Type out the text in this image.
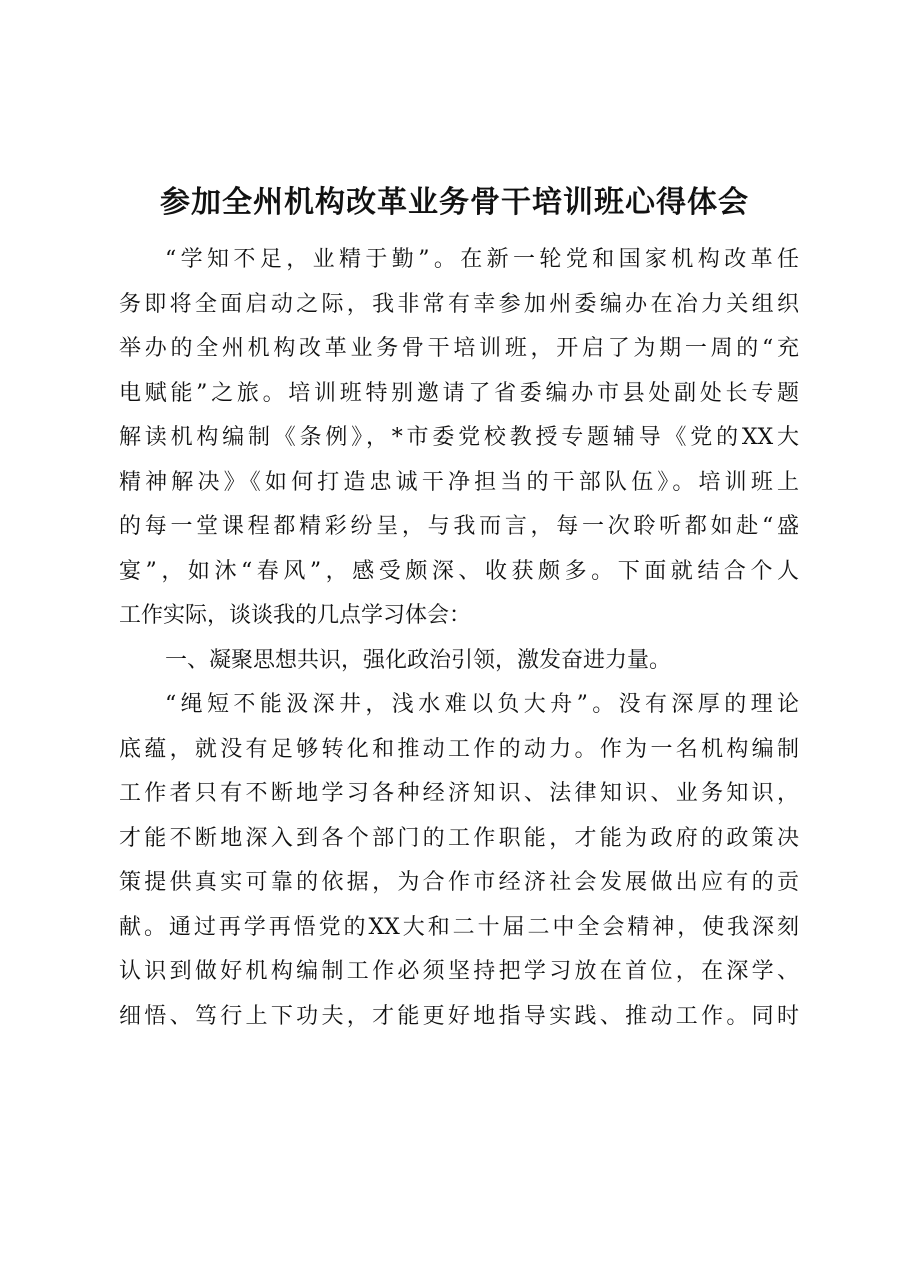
参加全州机构改革业务骨干培训班心得体会
“学知不足，业精于勤”。在新一轮党和国家机构改革任
务即将全面启动之际，我非常有幸参加州委编办在冶力关组织
举办的全州机构改革业务骨干培训班，开启了为期一周的“充
电赋能”之旅。培训班特别邀请了省委编办市县处副处长专题
解读机构编制《条例》，*市委党校教授专题辅导《党的XX大
精神解决》《如何打造忠诚干净担当的干部队伍》。培训班上
的每一堂课程都精彩纷呈，与我而言，每一次聆听都如赴“盛
宴”，如沐“春风”，感受颇深、收获颇多。下面就结合个人
工作实际，谈谈我的几点学习体会：
一、凝聚思想共识，强化政治引领，激发奋进力量。
“绳短不能汲深井，浅水难以负大舟”。没有深厚的理论
底蕴，就没有足够转化和推动工作的动力。作为一名机构编制
工作者只有不断地学习各种经济知识、法律知识、业务知识，
才能不断地深入到各个部门的工作职能，才能为政府的政策决
策提供真实可靠的依据，为合作市经济社会发展做出应有的贡
献。通过再学再悟党的XX大和二十届二中全会精神，使我深刻
认识到做好机构编制工作必须坚持把学习放在首位，在深学、
细悟、笃行上下功夫，才能更好地指导实践、推动工作。同时
